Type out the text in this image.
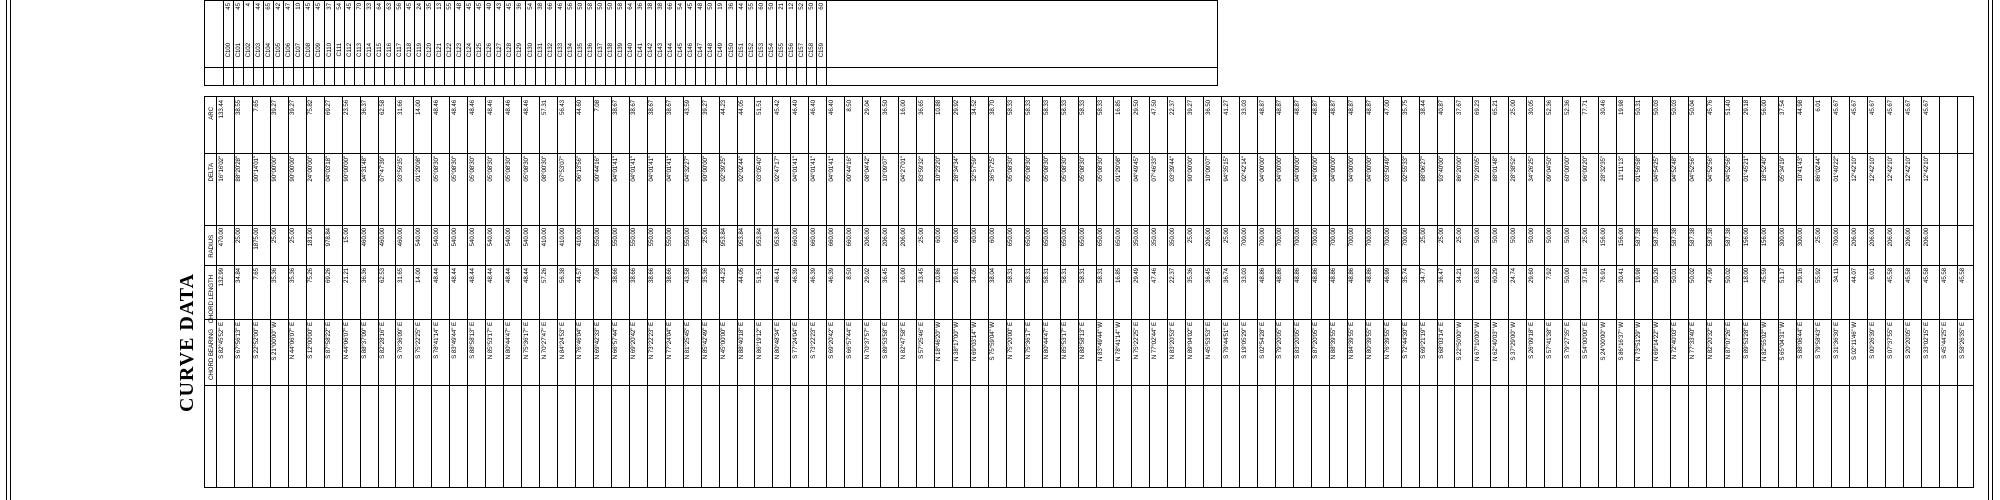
C100
45
C101
45
C102
4
C103
44
C104
65
C105
42
C106
47
C107
10
C108
45
C109
45
C110
37
C111
54
C112
45
C113
70
C114
33
C115
64
C116
63
C117
56
C118
45
C119
24
C120
35
C121
13
C122
55
C123
48
C124
45
C125
45
C126
40
C127
43
C128
45
C129
36
C130
54
C131
38
C132
66
C133
46
C134
56
C135
50
C136
58
C137
50
C138
50
C139
58
C140
64
C141
36
C142
38
C143
38
C144
66
C145
54
C146
45
C147
48
C148
50
C149
19
C150
36
C151
44
C152
55
C153
60
C154
50
C155
21
C156
12
C157
52
C158
50
C159
60
CURVE DATA
ARC
DELTA
RADIUS
CHORD LENGTH
CHORD BEARING
133.44
16°16'02"
470.00
132.99
S 82°45'52" E
38.55
88°20'28"
25.00
34.84
S 67°56'13" E
7.65
00°14'01"
1875.00
7.65
S 22°52'00" E
39.27
90°00'00"
25.00
35.36
S 21°00'00" W
39.27
90°00'00"
25.00
35.36
N 44°06'07" E
75.82
24°00'00"
181.00
75.26
S 12°00'00" E
69.27
04°03'18"
978.84
69.26
S 87°58'22" E
23.56
90°00'00"
15.00
21.21
N 44°06'07" E
36.37
04°31'48"
460.00
36.36
S 88°37'09" E
62.58
07°47'39"
460.00
62.53
S 82°28'16" E
31.66
03°56'35"
460.00
31.65
S 76°36'09" E
14.00
01°29'08"
540.00
14.00
S 75°22'25" E
48.46
05°08'30"
540.00
48.44
S 78°41'14" E
48.46
05°08'30"
540.00
48.44
S 83°49'44" E
48.46
05°08'30"
540.00
48.44
S 88°58'13" E
48.46
05°08'30"
540.00
48.44
N 85°53'17" E
48.46
05°08'30"
540.00
48.44
N 80°44'47" E
48.46
05°08'30"
540.00
48.44
N 75°36'17" E
57.31
08°00'30"
410.00
57.26
N 70°27'47" E
56.43
07°53'07"
410.00
56.38
N 84°24'53" E
44.60
06°13'56"
410.00
44.57
N 76°46'04" E
7.08
00°44'16"
550.00
7.08
N 69°42'33" E
38.67
04°01'41"
550.00
38.66
N 66°57'44" E
38.67
04°01'41"
550.00
38.66
N 69°20'42" E
38.67
04°01'41"
550.00
38.66
N 73°22'23" E
38.67
04°01'41"
550.00
38.66
N 77°24'04" E
43.59
04°32'27"
550.00
43.58
N 81°25'45" E
39.27
90°00'00"
25.00
35.36
N 85°42'49" E
44.23
02°39'25"
953.84
44.23
N 45°00'00" E
44.05
02°02'44"
953.84
44.05
N 88°40'18" E
51.51
03°05'40"
953.84
51.51
N 86°19'12" E
45.42
02°47'17"
953.84
46.41
N 80°48'34" E
46.40
04°01'41"
660.00
46.39
S 77°24'04" E
46.40
04°01'41"
660.00
46.39
S 73°22'23" E
46.40
04°01'41"
660.00
46.39
S 69°20'42" E
8.50
00°44'16"
660.00
8.50
S 66°57'44" E
29.04
08°04'42"
206.00
29.02
N 70°37'57" E
36.50
10°09'07"
206.00
36.45
S 89°53'58" E
16.00
04°27'01"
206.00
16.00
N 82°47'58" E
36.65
83°59'32"
25.00
33.45
S 57°25'46" E
10.88
10°23'20"
60.00
10.86
N 18°46'20" W
29.92
28°34'34"
60.00
29.61
N 38°17'00" W
34.52
32°57'59"
60.00
34.05
N 69°03'14" W
38.70
36°57'25"
60.00
38.04
S 75°59'04" W
58.33
05°08'30"
650.00
58.31
N 75°20'00" E
58.33
05°08'30"
650.00
58.31
N 75°36'17" E
58.33
05°08'30"
650.00
58.31
N 80°44'47" E
58.33
05°08'30"
650.00
58.31
N 85°53'17" E
58.33
05°08'30"
650.00
58.31
N 88°58'13" E
58.33
05°08'30"
650.00
58.31
N 83°49'44" W
16.85
01°29'08"
650.00
16.85
N 78°41'14" W
29.50
04°49'45"
350.00
29.49
N 75°22'25" E
47.50
07°46'33"
350.00
47.46
N 77°02'44" E
22.37
03°39'44"
350.00
22.37
N 83°20'53" E
39.27
90°00'00"
25.00
35.36
N 89°04'02" E
36.50
10°09'07"
206.00
36.45
N 45°53'53" E
41.27
94°35'15"
25.00
36.74
S 79°44'51" E
33.03
02°42'14"
700.00
33.03
S 19°05'29" E
48.87
04°00'00"
700.00
48.86
S 02°54'28" E
48.87
04°00'00"
700.00
48.86
S 79°20'05" E
48.87
04°00'00"
700.00
48.86
S 83°20'05" E
48.87
04°00'00"
700.00
48.86
S 87°20'05" E
48.87
04°00'00"
700.00
48.86
N 88°39'55" E
48.87
04°00'00"
700.00
48.86
N 84°39'55" E
48.87
04°00'00"
700.00
48.86
N 80°39'55" E
47.00
03°50'49"
700.00
46.99
N 76°39'55" E
35.75
02°55'33"
700.00
35.74
S 72°44'30" E
38.44
88°06'27"
25.00
34.77
S 69°21'19" E
40.87
93°40'00"
25.00
36.47
S 68°03'14" E
37.67
86°20'00"
25.00
34.21
S 22°50'00" W
69.23
79°20'05"
50.00
63.83
N 67°10'00" W
65.21
88°01'48"
50.00
60.29
N 62°40'03" W
25.00
28°38'52"
50.00
24.74
S 37°29'00" W
30.05
34°26'25"
50.00
29.60
S 26°09'18" E
52.36
09°04'50"
50.00
7.92
S 57°41'38" E
52.36
60°00'00"
50.00
50.00
S 79°27'35" E
77.71
96°00'20"
25.00
37.16
S 54°00'00" E
30.46
28°32'35"
156.00
76.91
S 24°00'00" W
19.98
11°11'13"
156.00
30.41
S 86°16'37" W
50.31
01°56'58"
587.38
19.98
N 73°51'29" W
50.03
04°54'25"
587.38
50.29
N 69°14'22" W
50.03
04°52'48"
587.38
50.01
N 72°40'03" E
50.04
04°52'56"
587.38
50.02
N 77°33'40" E
45.76
04°52'56"
587.38
47.99
N 82°20'32" E
51.40
04°52'56"
587.38
50.02
N 87°07'26" E
29.18
01°45'21"
156.00
18.00
S 89°53'28" E
56.00
18°52'40"
156.00
45.59
N 82°55'02" W
37.54
05°34'19"
300.00
51.17
S 65°04'31" W
44.98
10°41'43"
300.00
29.16
S 88°06'44" E
6.01
86°02'44"
25.00
55.92
S 79°58'43" E
45.67
01°40'22"
700.00
34.11
S 31°36'30" E
45.67
12°42'10"
206.00
44.07
S 02°11'46" W
45.67
12°42'10"
206.00
6.01
S 00°26'39" E
45.67
12°42'10"
206.00
45.58
S 07°37'55" E
45.67
12°42'10"
206.00
45.58
S 20°20'05" E
45.67
12°42'10"
206.00
45.58
S 33°02'15" E
45.58
S 45°44'25" E
45.58
S 58°26'35" E
